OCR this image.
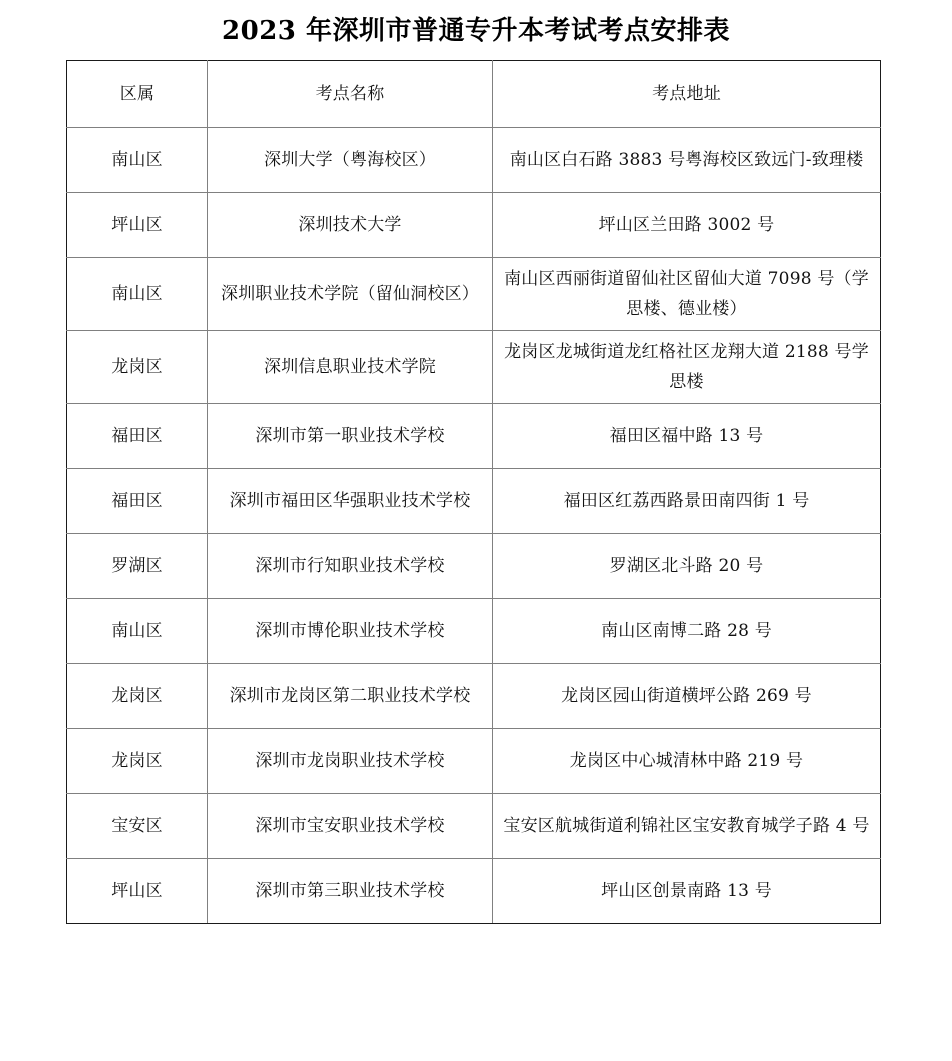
2023 年深圳市普通专升本考试考点安排表
区属	考点名称	考点地址
南山区	深圳大学（粤海校区）	南山区白石路 3883 号粤海校区致远门-致理楼
坪山区	深圳技术大学	坪山区兰田路 3002 号
南山区	深圳职业技术学院（留仙洞校区）	南山区西丽街道留仙社区留仙大道 7098 号（学思楼、德业楼）
龙岗区	深圳信息职业技术学院	龙岗区龙城街道龙红格社区龙翔大道 2188 号学思楼
福田区	深圳市第一职业技术学校	福田区福中路 13 号
福田区	深圳市福田区华强职业技术学校	福田区红荔西路景田南四街 1 号
罗湖区	深圳市行知职业技术学校	罗湖区北斗路 20 号
南山区	深圳市博伦职业技术学校	南山区南博二路 28 号
龙岗区	深圳市龙岗区第二职业技术学校	龙岗区园山街道横坪公路 269 号
龙岗区	深圳市龙岗职业技术学校	龙岗区中心城清林中路 219 号
宝安区	深圳市宝安职业技术学校	宝安区航城街道利锦社区宝安教育城学子路 4 号
坪山区	深圳市第三职业技术学校	坪山区创景南路 13 号
